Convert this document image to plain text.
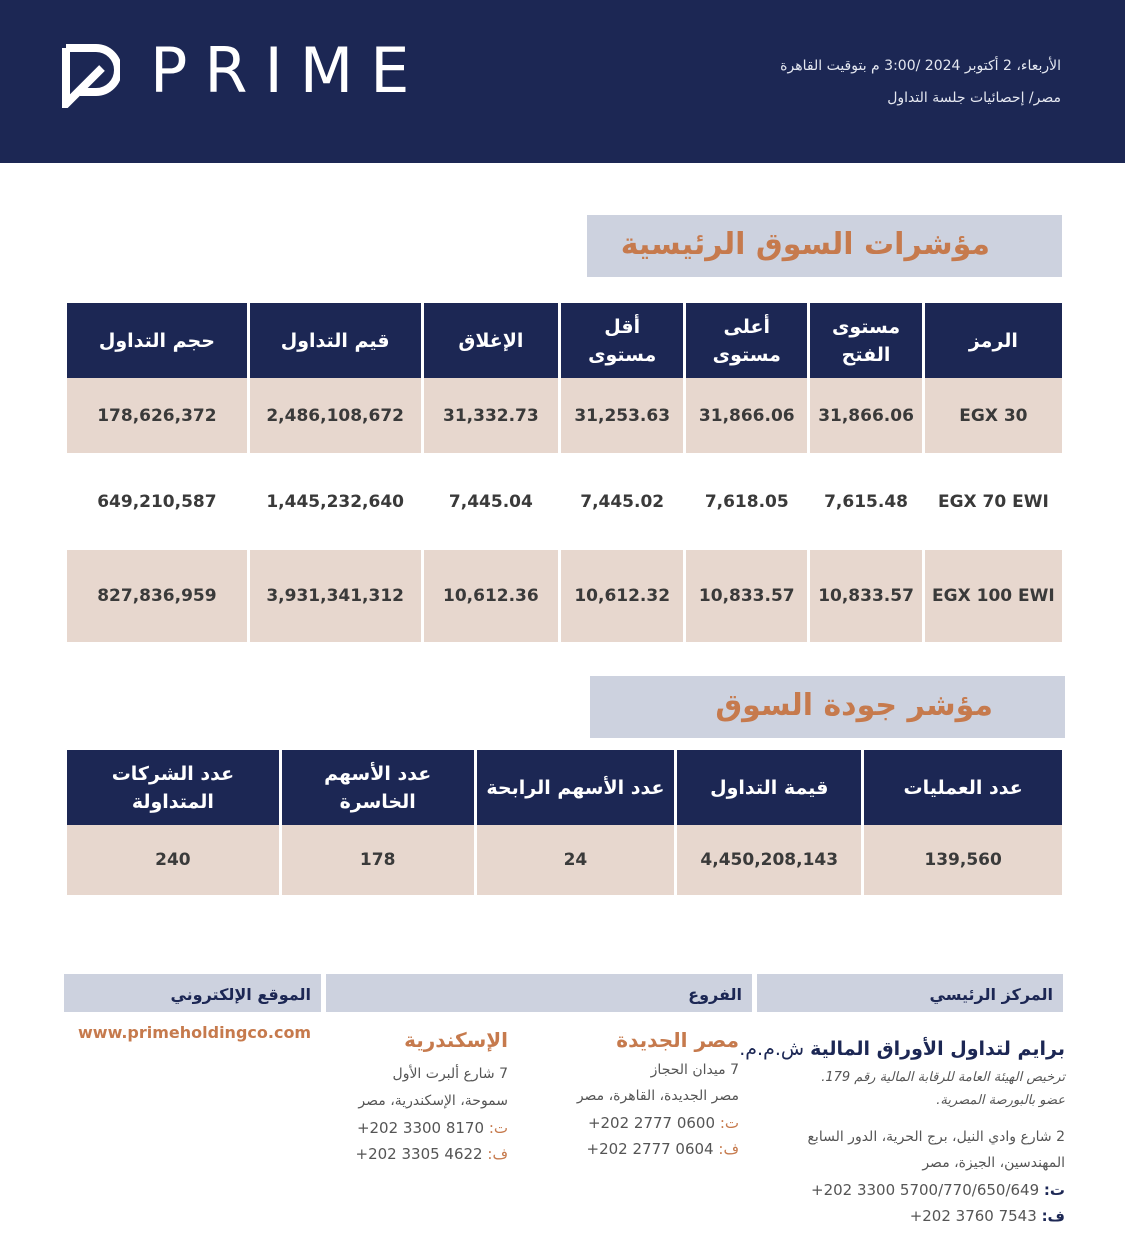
PRIME	الأربعاء، 2 أكتوبر 2024 /3:00 م بتوقيت القاهرة
مصر/ إحصائيات جلسة التداول
مؤشرات السوق الرئيسية
الرمز	مستوى الفتح	أعلى مستوى	أقل مستوى	الإغلاق	قيم التداول	حجم التداول
EGX 30	31,866.06	31,866.06	31,253.63	31,332.73	2,486,108,672	178,626,372
EGX 70 EWI	7,615.48	7,618.05	7,445.02	7,445.04	1,445,232,640	649,210,587
EGX 100 EWI	10,833.57	10,833.57	10,612.32	10,612.36	3,931,341,312	827,836,959
مؤشر جودة السوق
عدد العمليات	قيمة التداول	عدد الأسهم الرابحة	عدد الأسهم الخاسرة	عدد الشركات المتداولة
139,560	4,450,208,143	24	178	240
المركز الرئيسي
الفروع
الموقع الإلكتروني
www.primeholdingco.com
برايم لتداول الأوراق المالية ش.م.م.
ترخيص الهيئة العامة للرقابة المالية رقم 179.
عضو بالبورصة المصرية.
2 شارع وادي النيل، برج الحرية، الدور السابع
المهندسين، الجيزة، مصر
ت: +202 3300 5700/770/650/649
ف: +202 3760 7543
مصر الجديدة
7 ميدان الحجاز
مصر الجديدة، القاهرة، مصر
ت: +202 2777 0600
ف: +202 2777 0604
الإسكندرية
7 شارع ألبرت الأول
سموحة، الإسكندرية، مصر
ت: +202 3300 8170
ف: +202 3305 4622
